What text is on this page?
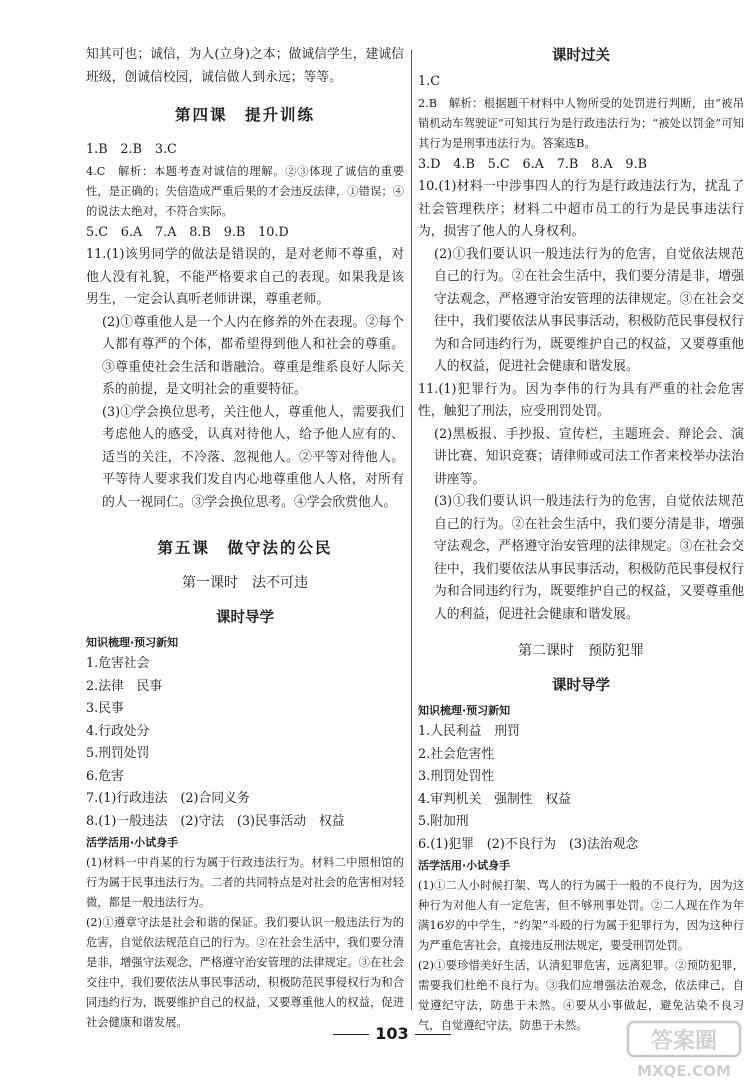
知其可也；诚信，为人(立身)之本；做诚信学生，建诚信班级，创诚信校园，诚信做人到永远；等等。

第四课　提升训练

1.B　2.B　3.C

4.C　解析：本题考查对诚信的理解。②③体现了诚信的重要性，是正确的；失信造成严重后果的才会违反法律，①错误；④的说法太绝对，不符合实际。

5.C　6.A　7.A　8.B　9.B　10.D

11.(1)该男同学的做法是错误的，是对老师不尊重，对他人没有礼貌，不能严格要求自己的表现。如果我是该男生，一定会认真听老师讲课，尊重老师。

(2)①尊重他人是一个人内在修养的外在表现。②每个人都有尊严的个体，都希望得到他人和社会的尊重。③尊重使社会生活和谐融洽。尊重是维系良好人际关系的前提，是文明社会的重要特征。

(3)①学会换位思考，关注他人，尊重他人，需要我们考虑他人的感受，认真对待他人，给予他人应有的、适当的关注，不冷落、忽视他人。②平等对待他人。平等待人要求我们发自内心地尊重他人人格，对所有的人一视同仁。③学会换位思考。④学会欣赏他人。

第五课　做守法的公民

第一课时 法不可违

课时导学

知识梳理·预习新知

1.危害社会

2.法律　民事

3.民事

4.行政处分

5.刑罚处罚

6.危害

7.(1)行政违法　(2)合同义务

8.(1)一般违法　(2)守法　(3)民事活动　权益

活学活用·小试身手

(1)材料一中肖某的行为属于行政违法行为。材料二中照相馆的行为属于民事违法行为。二者的共同特点是对社会的危害相对轻微，都是一般违法行为。

(2)①遵章守法是社会和谐的保证。我们要认识一般违法行为的危害，自觉依法规范自己的行为。②在社会生活中，我们要分清是非，增强守法观念，严格遵守治安管理的法律规定。③在社会交往中，我们要依法从事民事活动，积极防范民事侵权行为和合同违约行为，既要维护自己的权益，又要尊重他人的权益，促进社会健康和谐发展。

课时过关

1.C

2.B　解析：根据题干材料中人物所受的处罚进行判断，由“被吊销机动车驾驶证”可知其行为是行政违法行为；“被处以罚金”可知其行为是刑事违法行为。答案选B。

3.D　4.B　5.C　6.A　7.B　8.A　9.B

10.(1)材料一中涉事四人的行为是行政违法行为，扰乱了社会管理秩序；材料二中超市员工的行为是民事违法行为，损害了他人的人身权利。

(2)①我们要认识一般违法行为的危害，自觉依法规范自己的行为。②在社会生活中，我们要分清是非，增强守法观念，严格遵守治安管理的法律规定。③在社会交往中，我们要依法从事民事活动，积极防范民事侵权行为和合同违约行为，既要维护自己的权益，又要尊重他人的权益，促进社会健康和谐发展。

11.(1)犯罪行为。因为李伟的行为具有严重的社会危害性，触犯了刑法，应受刑罚处罚。

(2)黑板报、手抄报、宣传栏，主题班会、辩论会、演讲比赛、知识竞赛；请律师或司法工作者来校举办法治讲座等。

(3)①我们要认识一般违法行为的危害，自觉依法规范自己的行为。②在社会生活中，我们要分清是非，增强守法观念，严格遵守治安管理的法律规定。③在社会交往中，我们要依法从事民事活动，积极防范民事侵权行为和合同违约行为，既要维护自己的权益，又要尊重他人的利益，促进社会健康和谐发展。

第二课时 预防犯罪

课时导学

知识梳理·预习新知

1.人民利益　刑罚

2.社会危害性

3.刑罚处罚性

4.审判机关　强制性　权益

5.附加刑

6.(1)犯罪　(2)不良行为　(3)法治观念

活学活用·小试身手

(1)①二人小时候打架、骂人的行为属于一般的不良行为，因为这种行为对他人有一定危害，但不够刑事处罚。②二人现在作为年满16岁的中学生，“约架”斗殴的行为属于犯罪行为，因为这种行为严重危害社会，直接违反刑法规定，要受刑罚处罚。

(2)①要珍惜美好生活，认清犯罪危害，远离犯罪。②预防犯罪，需要我们杜绝不良行为。③我们应增强法治观念，依法律己，自觉遵纪守法，防患于未然。④要从小事做起，避免沾染不良习气，自觉遵纪守法，防患于未然。

103	答案圈
MXQE.COM
